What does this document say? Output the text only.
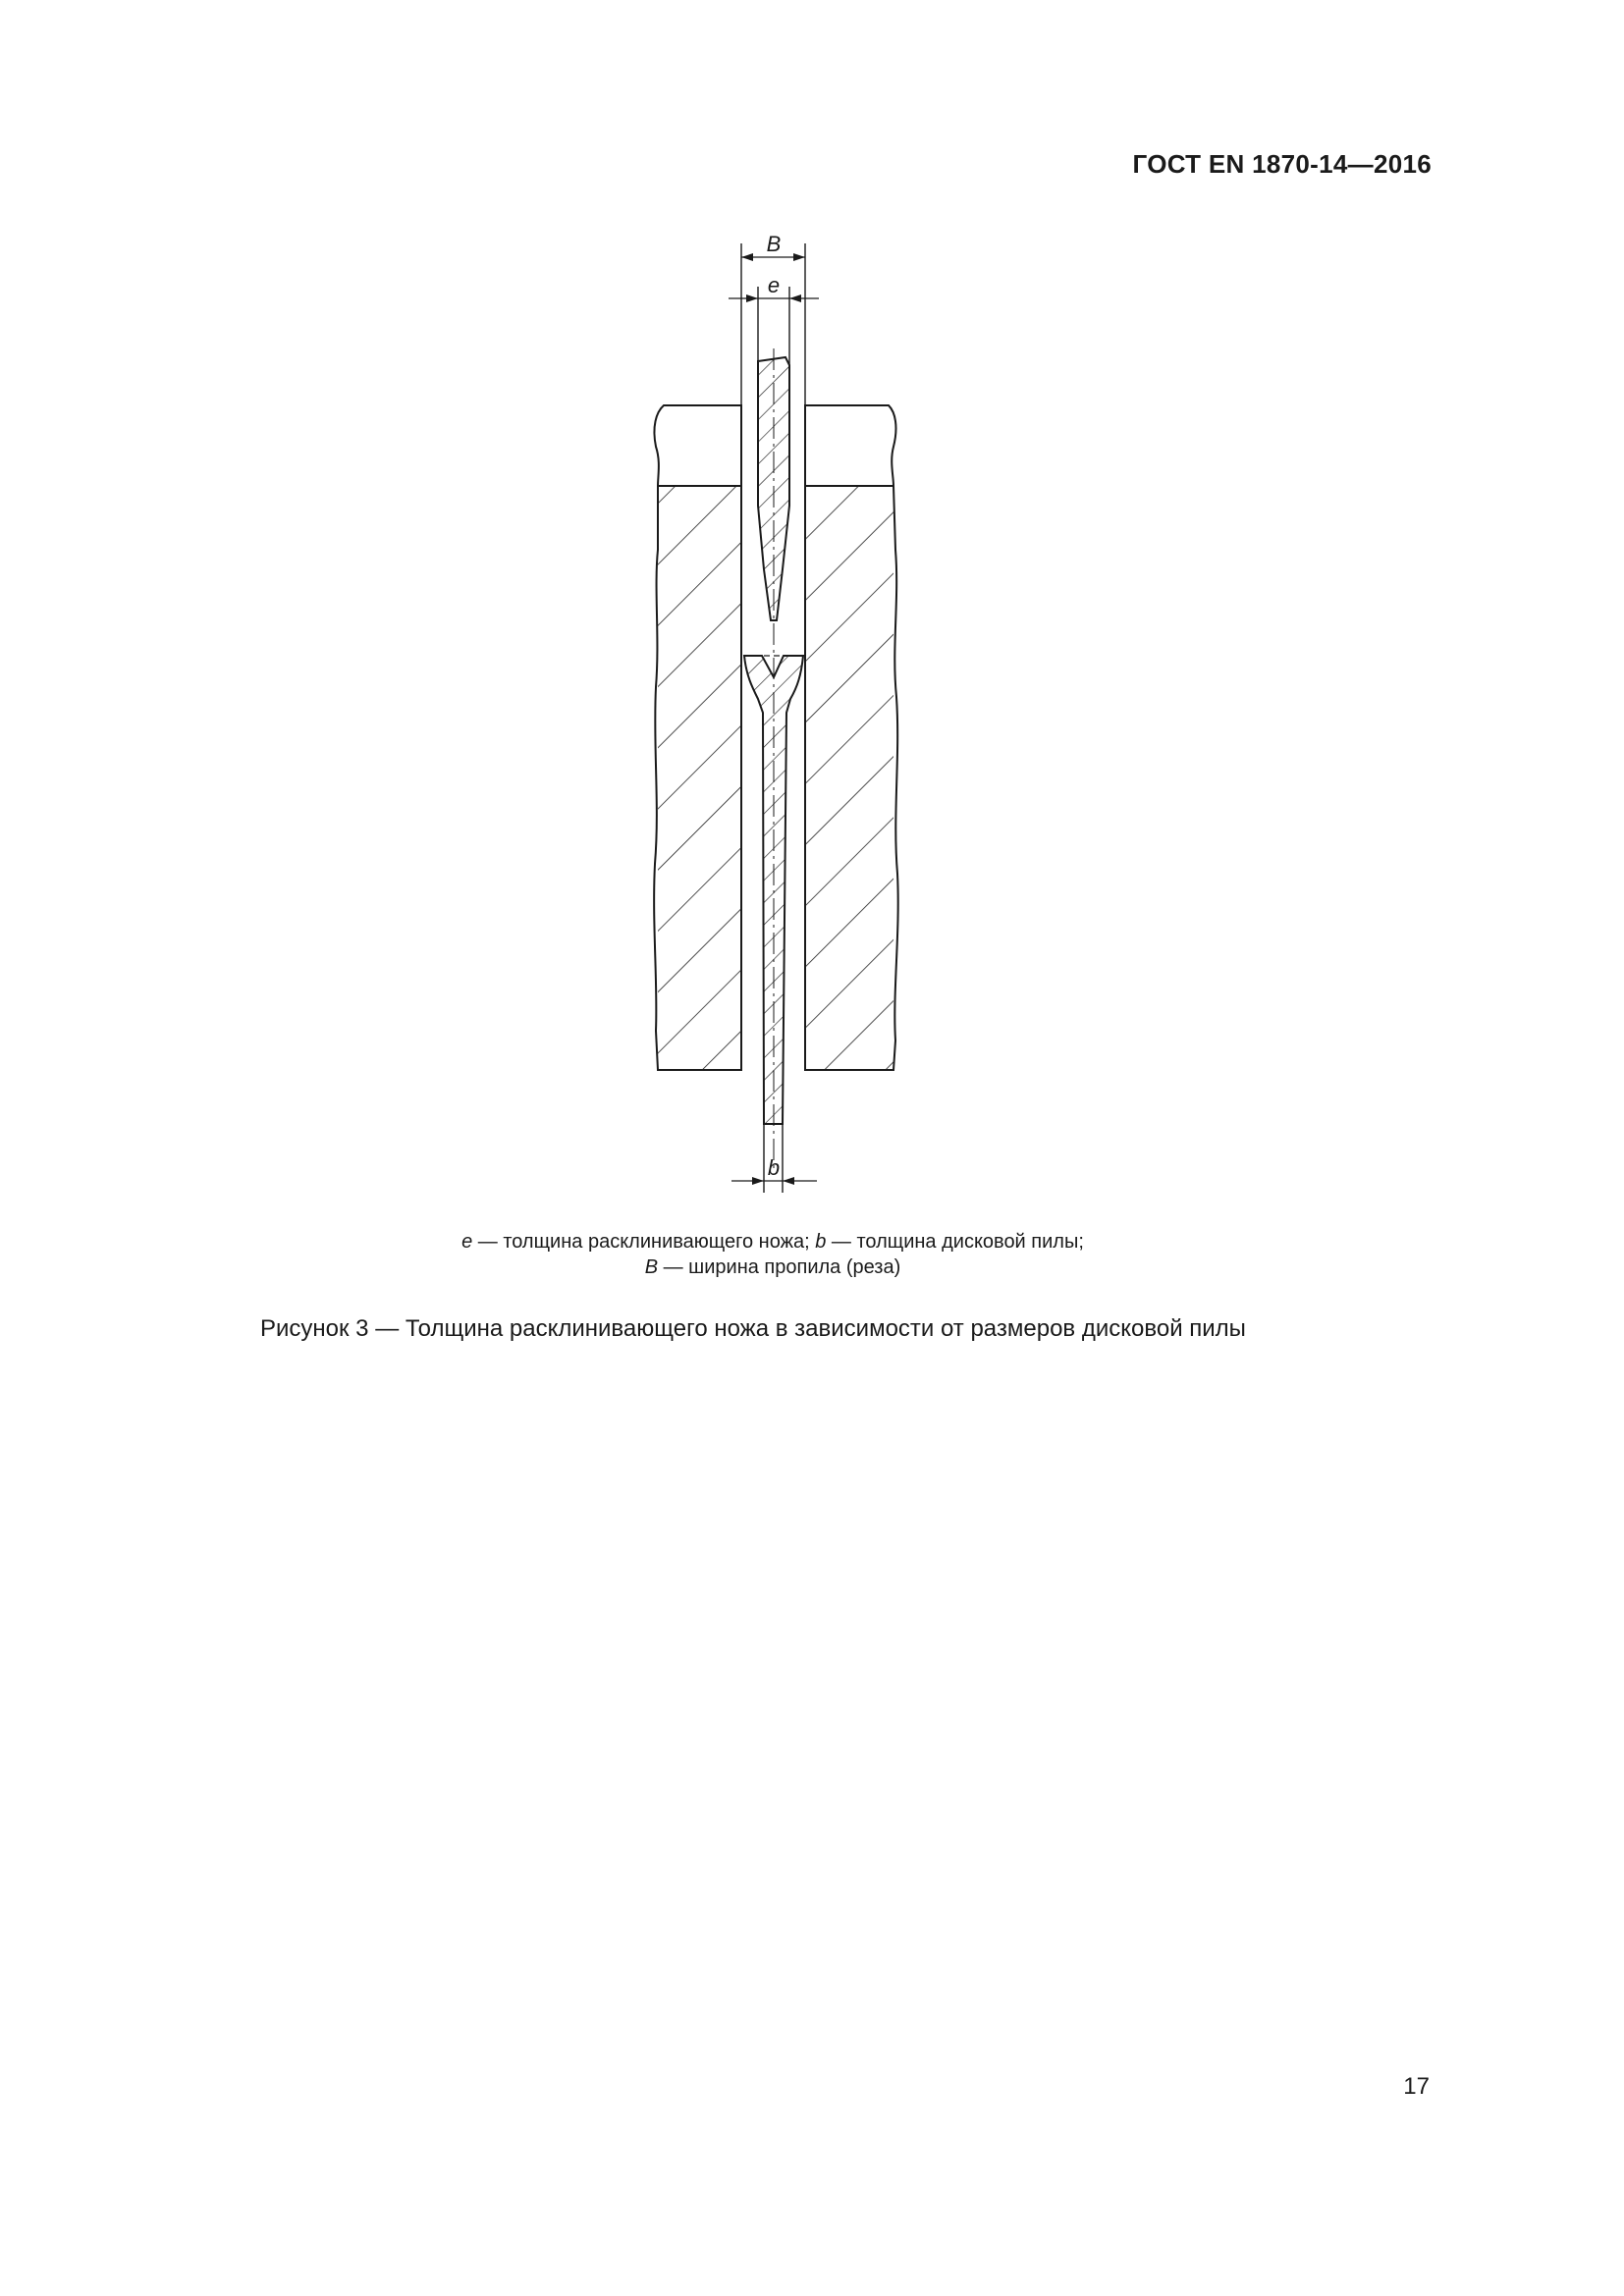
ГОСТ EN 1870-14—2016
B
e
b
e — толщина расклинивающего ножа; b — толщина дисковой пилы;
B — ширина пропила (реза)
Рисунок 3 — Толщина расклинивающего ножа в зависимости от размеров дисковой пилы
17
